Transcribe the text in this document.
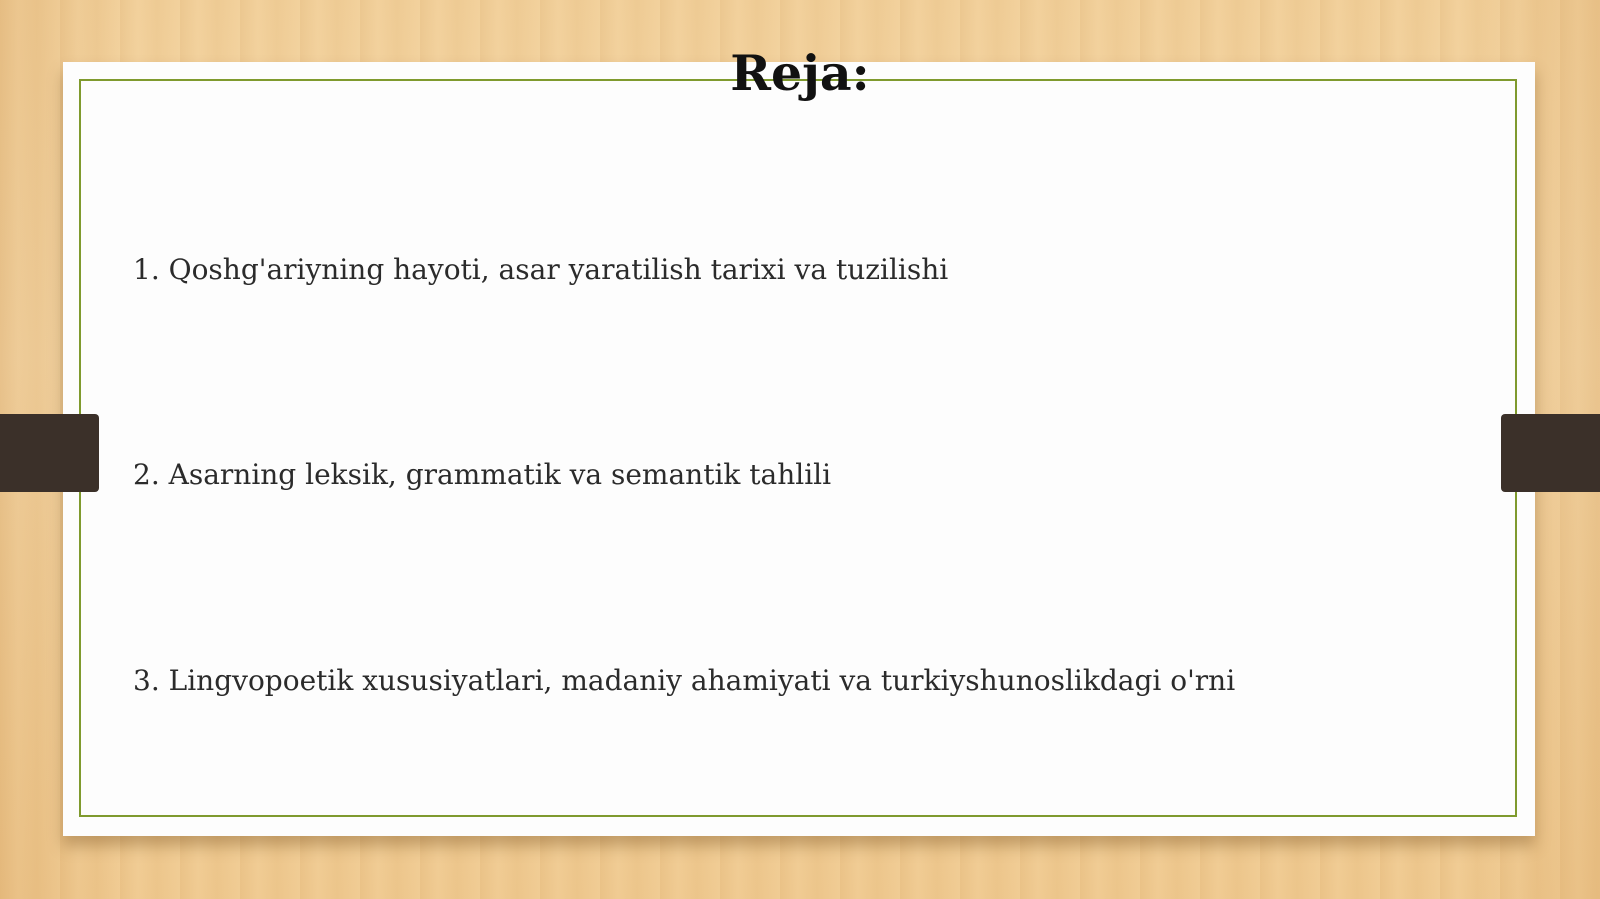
Reja:
1. Qoshg'ariyning hayoti, asar yaratilish tarixi va tuzilishi
2. Asarning leksik, grammatik va semantik tahlili
3. Lingvopoetik xususiyatlari, madaniy ahamiyati va turkiyshunoslikdagi o'rni
